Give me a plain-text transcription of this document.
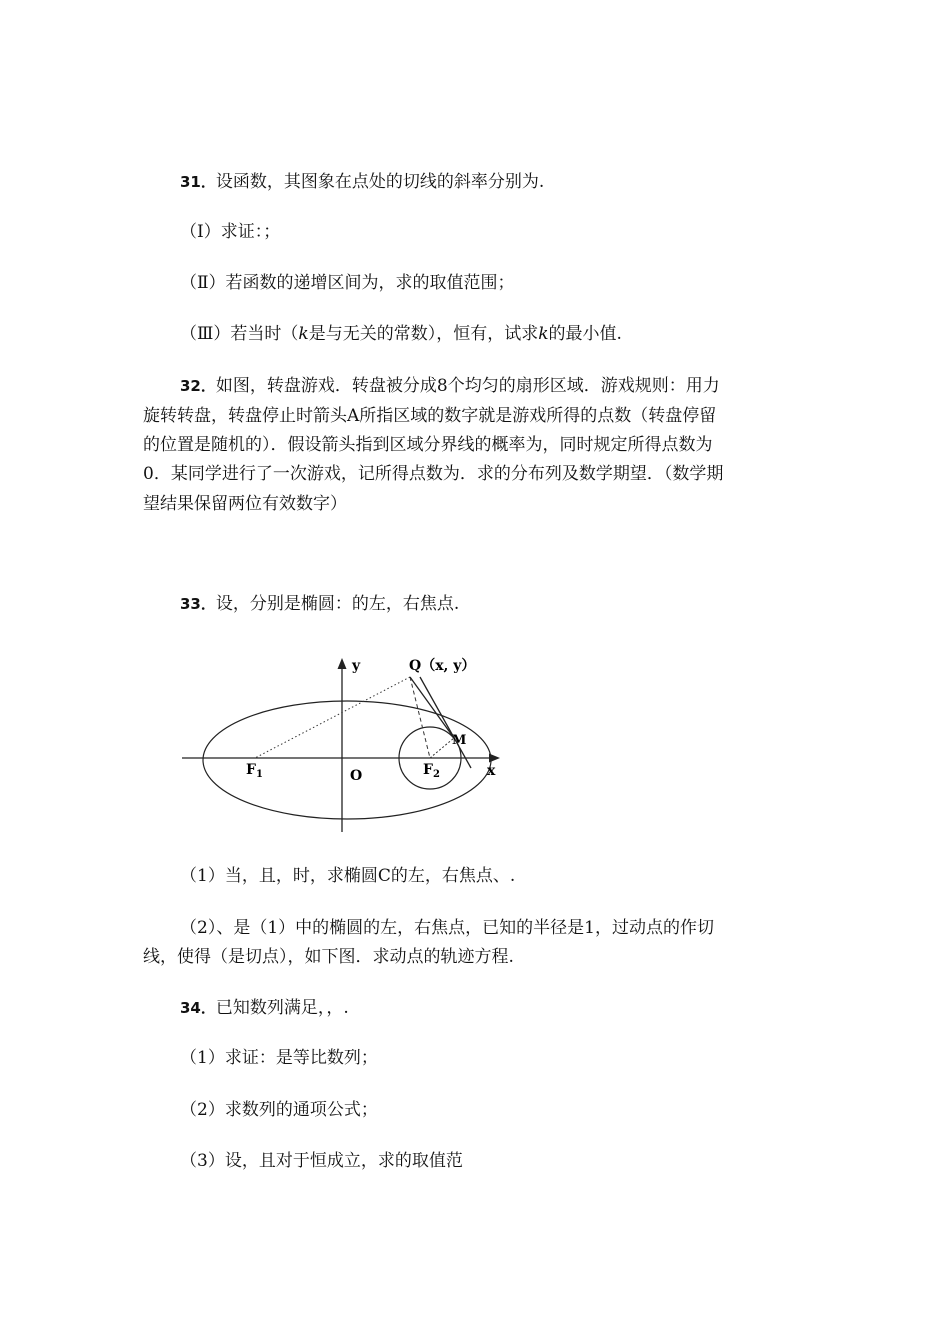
31．设函数，其图象在点处的切线的斜率分别为.
（Ⅰ）求证：；
（Ⅱ）若函数的递增区间为，求的取值范围；
（Ⅲ）若当时（k是与无关的常数），恒有，试求k的最小值.
32．如图，转盘游戏．转盘被分成8个均匀的扇形区域．游戏规则：用力
旋转转盘，转盘停止时箭头A所指区域的数字就是游戏所得的点数（转盘停留
的位置是随机的）．假设箭头指到区域分界线的概率为，同时规定所得点数为
0．某同学进行了一次游戏，记所得点数为．求的分布列及数学期望．（数学期
望结果保留两位有效数字）
33．设，分别是椭圆：的左，右焦点.
y	Q（x, y）
M
$F_1$	O	$F_2$	x
（1）当，且，时，求椭圆C的左，右焦点、.
（2）、是（1）中的椭圆的左，右焦点，已知的半径是1，过动点的作切
线，使得（是切点），如下图．求动点的轨迹方程.
34．已知数列满足，，.
（1）求证：是等比数列；
（2）求数列的通项公式；
（3）设，且对于恒成立，求的取值范
